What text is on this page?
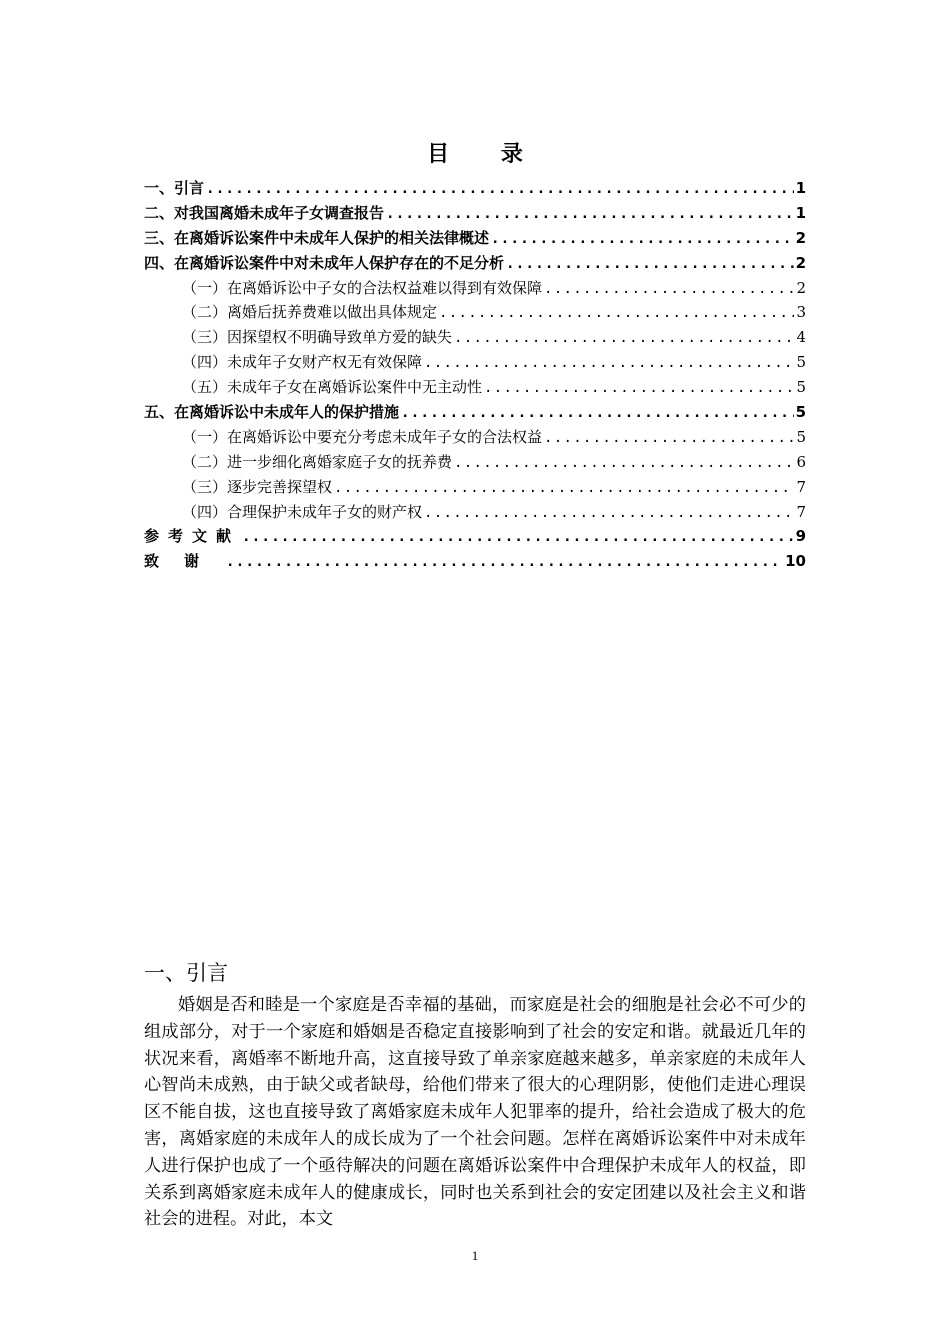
目 录
一、引言 .....	1
二、对我国离婚未成年子女调查报告 .....	1
三、在离婚诉讼案件中未成年人保护的相关法律概述 .....	2
四、在离婚诉讼案件中对未成年人保护存在的不足分析 .....	2
（一）在离婚诉讼中子女的合法权益难以得到有效保障 .....	2
（二）离婚后抚养费难以做出具体规定 .....	3
（三）因探望权不明确导致单方爱的缺失 .....	4
（四）未成年子女财产权无有效保障 .....	5
（五）未成年子女在离婚诉讼案件中无主动性 .....	5
五、在离婚诉讼中未成年人的保护措施 .....	5
（一）在离婚诉讼中要充分考虑未成年子女的合法权益 .....	5
（二）进一步细化离婚家庭子女的抚养费 .....	6
（三）逐步完善探望权 .....	7
（四）合理保护未成年子女的财产权 .....	7
参考文献 .....	9
致谢 .....	10
一、引言

婚姻是否和睦是一个家庭是否幸福的基础，而家庭是社会的细胞是社会必不可少的组成部分，对于一个家庭和婚姻是否稳定直接影响到了社会的安定和谐。就最近几年的状况来看，离婚率不断地升高，这直接导致了单亲家庭越来越多，单亲家庭的未成年人心智尚未成熟，由于缺父或者缺母，给他们带来了很大的心理阴影，使他们走进心理误区不能自拔，这也直接导致了离婚家庭未成年人犯罪率的提升，给社会造成了极大的危害，离婚家庭的未成年人的成长成为了一个社会问题。怎样在离婚诉讼案件中对未成年人进行保护也成了一个亟待解决的问题在离婚诉讼案件中合理保护未成年人的权益，即关系到离婚家庭未成年人的健康成长，同时也关系到社会的安定团建以及社会主义和谐社会的进程。对此，本文

1
